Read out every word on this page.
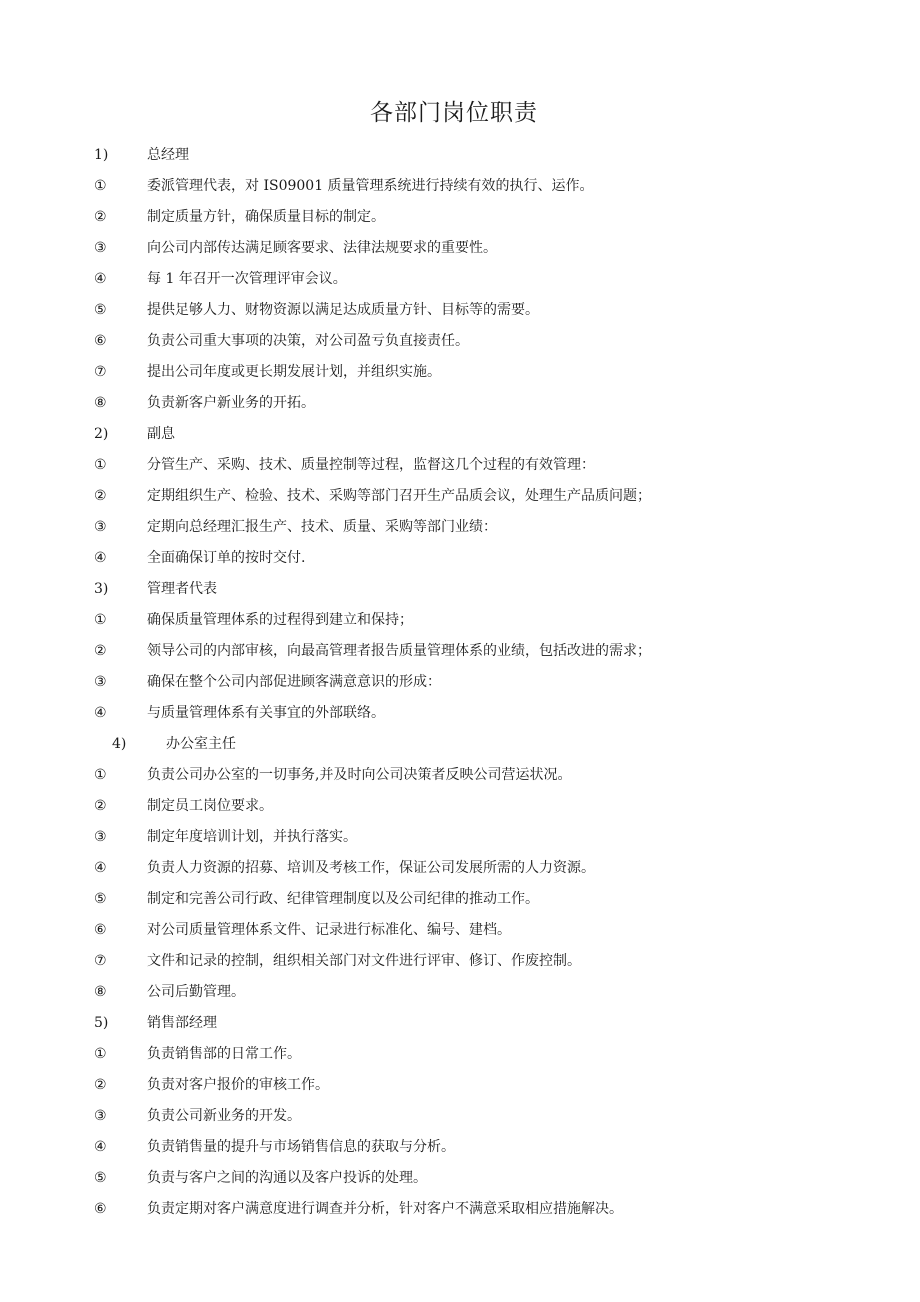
各部门岗位职责
1)	总经理
①	委派管理代表，对 IS09001 质量管理系统进行持续有效的执行、运作。
②	制定质量方针，确保质量目标的制定。
③	向公司内部传达满足顾客要求、法律法规要求的重要性。
④	每 1 年召开一次管理评审会议。
⑤	提供足够人力、财物资源以满足达成质量方针、目标等的需要。
⑥	负责公司重大事项的决策，对公司盈亏负直接责任。
⑦	提出公司年度或更长期发展计划，并组织实施。
⑧	负责新客户新业务的开拓。
2)	副息
①	分管生产、采购、技术、质量控制等过程，监督这几个过程的有效管理：
②	定期组织生产、检验、技术、采购等部门召开生产品质会议，处理生产品质问题；
③	定期向总经理汇报生产、技术、质量、采购等部门业绩：
④	全面确保订单的按时交付.
3)	管理者代表
①	确保质量管理体系的过程得到建立和保持；
②	领导公司的内部审核，向最高管理者报告质量管理体系的业绩，包括改进的需求；
③	确保在整个公司内部促进顾客满意意识的形成：
④	与质量管理体系有关事宜的外部联络。
4)	办公室主任
①	负责公司办公室的一切事务,并及时向公司决策者反映公司营运状况。
②	制定员工岗位要求。
③	制定年度培训计划，并执行落实。
④	负责人力资源的招募、培训及考核工作，保证公司发展所需的人力资源。
⑤	制定和完善公司行政、纪律管理制度以及公司纪律的推动工作。
⑥	对公司质量管理体系文件、记录进行标准化、编号、建档。
⑦	文件和记录的控制，组织相关部门对文件进行评审、修订、作废控制。
⑧	公司后勤管理。
5)	销售部经理
①	负责销售部的日常工作。
②	负责对客户报价的审核工作。
③	负责公司新业务的开发。
④	负责销售量的提升与市场销售信息的获取与分析。
⑤	负责与客户之间的沟通以及客户投诉的处理。
⑥	负责定期对客户满意度进行调查并分析，针对客户不满意采取相应措施解决。
